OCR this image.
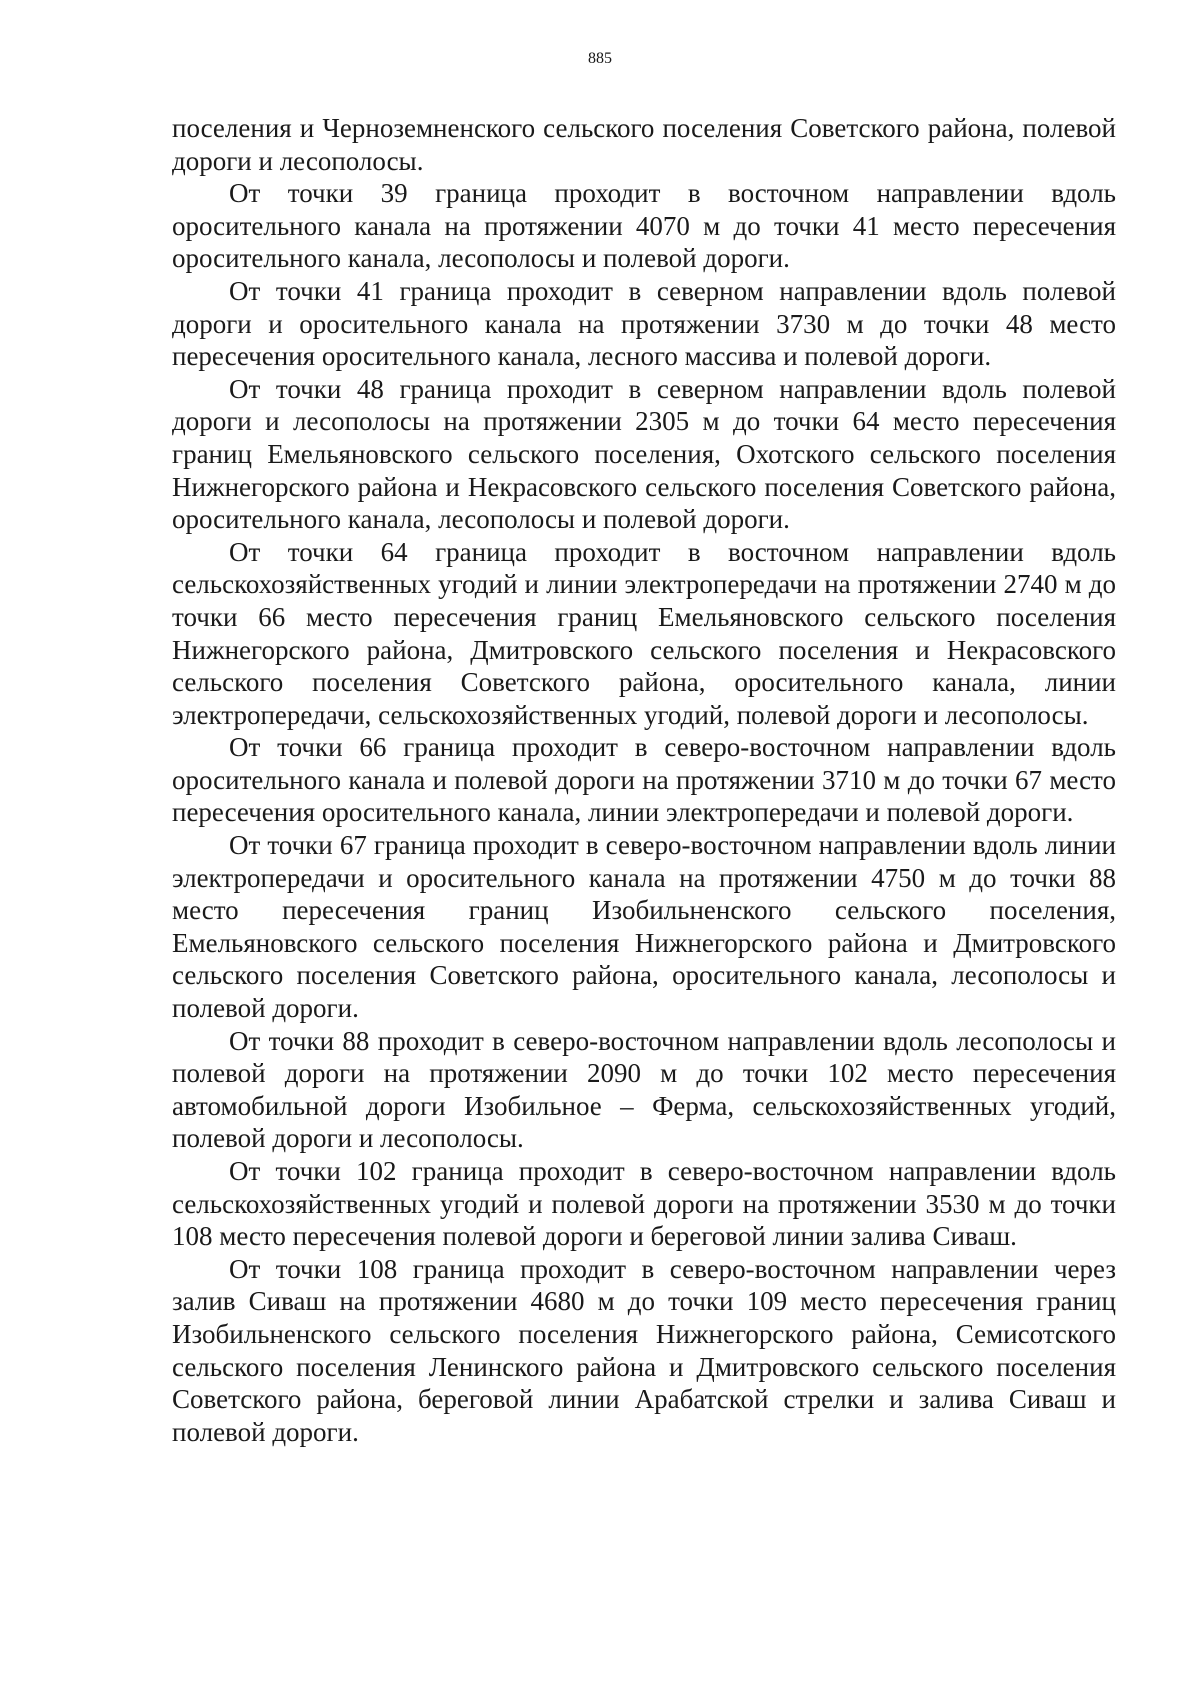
885

поселения и Черноземненского сельского поселения Советского района, полевой дороги и лесополосы.

От точки 39 граница проходит в восточном направлении вдоль оросительного канала на протяжении 4070 м до точки 41 место пересечения оросительного канала, лесополосы и полевой дороги.

От точки 41 граница проходит в северном направлении вдоль полевой дороги и оросительного канала на протяжении 3730 м до точки 48 место пересечения оросительного канала, лесного массива и полевой дороги.

От точки 48 граница проходит в северном направлении вдоль полевой дороги и лесополосы на протяжении 2305 м до точки 64 место пересечения границ Емельяновского сельского поселения, Охотского сельского поселения Нижнегорского района и Некрасовского сельского поселения Советского района, оросительного канала, лесополосы и полевой дороги.

От точки 64 граница проходит в восточном направлении вдоль сельскохозяйственных угодий и линии электропередачи на протяжении 2740 м до точки 66 место пересечения границ Емельяновского сельского поселения Нижнегорского района, Дмитровского сельского поселения и Некрасовского сельского поселения Советского района, оросительного канала, линии электропередачи, сельскохозяйственных угодий, полевой дороги и лесополосы.

От точки 66 граница проходит в северо-восточном направлении вдоль оросительного канала и полевой дороги на протяжении 3710 м до точки 67 место пересечения оросительного канала, линии электропередачи и полевой дороги.

От точки 67 граница проходит в северо-восточном направлении вдоль линии электропередачи и оросительного канала на протяжении 4750 м до точки 88 место пересечения границ Изобильненского сельского поселения, Емельяновского сельского поселения Нижнегорского района и Дмитровского сельского поселения Советского района, оросительного канала, лесополосы и полевой дороги.

От точки 88 проходит в северо-восточном направлении вдоль лесополосы и полевой дороги на протяжении 2090 м до точки 102 место пересечения автомобильной дороги Изобильное – Ферма, сельскохозяйственных угодий, полевой дороги и лесополосы.

От точки 102 граница проходит в северо-восточном направлении вдоль сельскохозяйственных угодий и полевой дороги на протяжении 3530 м до точки 108 место пересечения полевой дороги и береговой линии залива Сиваш.

От точки 108 граница проходит в северо-восточном направлении через залив Сиваш на протяжении 4680 м до точки 109 место пересечения границ Изобильненского сельского поселения Нижнегорского района, Семисотского сельского поселения Ленинского района и Дмитровского сельского поселения Советского района, береговой линии Арабатской стрелки и залива Сиваш и полевой дороги.
